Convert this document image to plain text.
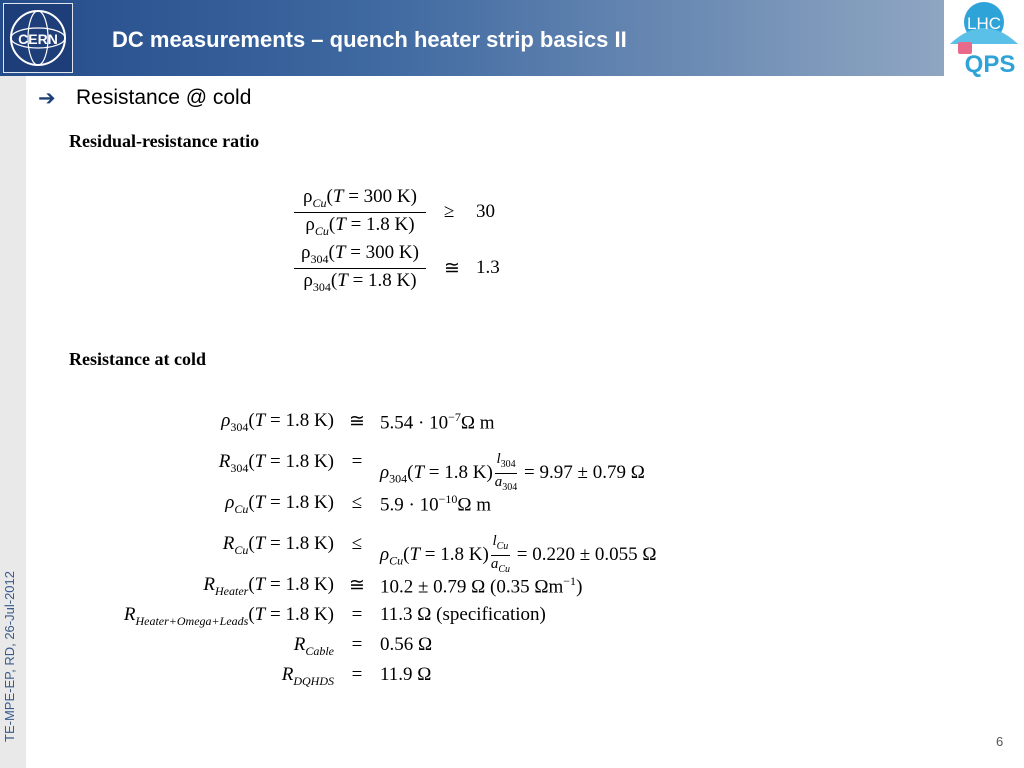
CERN DC measurements – quench heater strip basics II
LHC
QPS
TE-MPE-EP, RD, 26-Jul-2012
➔ Resistance @ cold
Residual-resistance ratio
$\rho_{Cu}(T = 300$ K)
$\rho_{Cu}(T = 1.8$ K)
≥ 30
$\frac{\rho_{304}(T = 300 K)}{\rho_{304}(T = 1.8 K)}$ ≅ 1.3
Resistance at cold
$\rho_{304}(T = 1.8$ K) ≅ $5.54 \cdot 10^{-7}\Omega$ m
$R_{304}(T = 1.8$ K) =
$\rho_{304}(T = 1.8$ $K) \frac{l_{304}}{a_{304}} = 9.97 \pm 0.79$ Ω
$\rho_{Cu}(T = 1.8$ $K) \le 5.9 \cdot 10^{-10}\Omega$ m
$R_{Cu}(T = 1.8$ K) ≤
$\rho_{Cu}(T = 1.8$ K)
$l_{Cu}$
$a_{Cu}$
= 0.220 ± 0.055 Ω
$R_{Heater}(T = 1.8$ K) ≅ 10.2 ± 0.79 Ω (0.35 $\Omega m^{-1}$)
$R_{Heater+Omega+Leads}(T = 1.8$ K) = 11.3 Ω (specification)
$R_{Cable} = 0.56$ Ω
$R_{DQHDS} = 11.9$ Ω
6
